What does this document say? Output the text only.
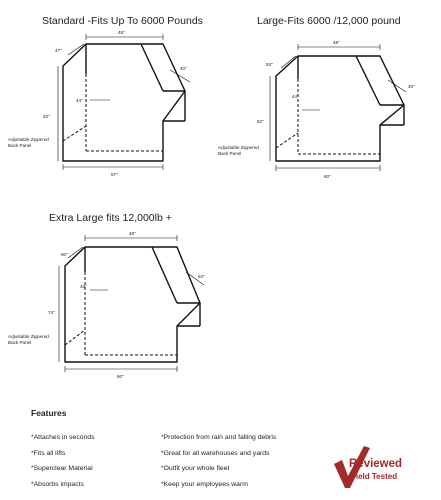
Standard -Fits Up To 6000 Pounds	Large-Fits 6000 /12,000 pound
Extra Large fits 12,000lb +
45"
47"
40"
44"
52"
57"
Adjustable Zippered
Back Panel
48"
53"
40"
44"
52"
60"
Adjustable Zippered
Back Panel
48"
60"
54"
48"
74"
60"
Adjustable Zippered
Back Panel
Features
*Attaches in seconds
*Fits all lifts
*Superclear Material
*Absorbs impacts
*Protection from rain and falling debris
*Great for all warehouses and yards
*Outfit your whole fleet
*Keep your employees warm
Reviewed
Field Tested
